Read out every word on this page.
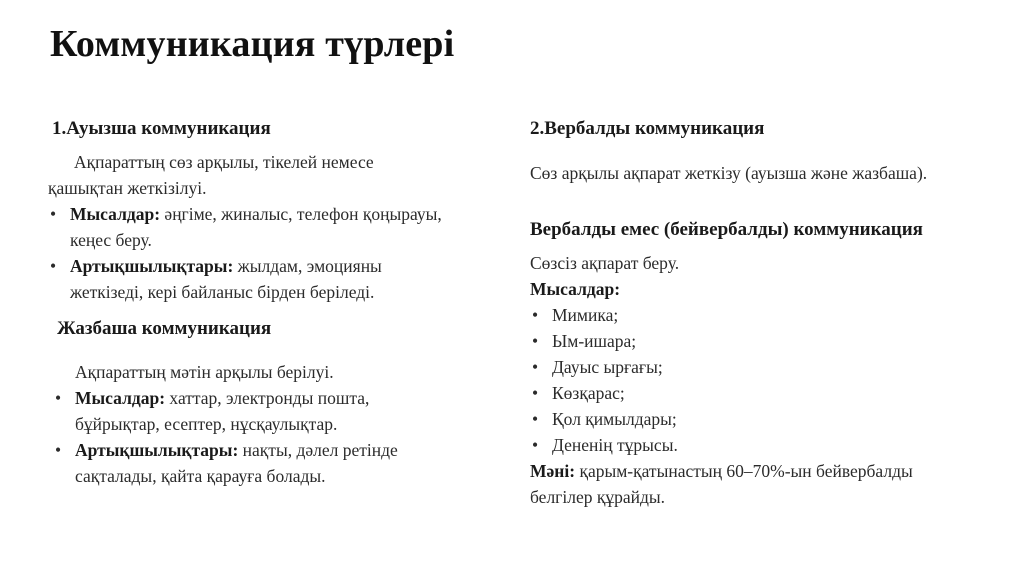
Коммуникация түрлері
1.Ауызша коммуникация
Ақпараттың сөз арқылы, тікелей немесе
қашықтан жеткізілуі.
• Мысалдар: әңгіме, жиналыс, телефон қоңырауы,
кеңес беру.
• Артықшылықтары: жылдам, эмоцияны
жеткізеді, кері байланыс бірден беріледі.
Жазбаша коммуникация
Ақпараттың мәтін арқылы берілуі.
• Мысалдар: хаттар, электронды пошта,
бұйрықтар, есептер, нұсқаулықтар.
• Артықшылықтары: нақты, дәлел ретінде
сақталады, қайта қарауға болады.
2.Вербалды коммуникация
Сөз арқылы ақпарат жеткізу (ауызша және жазбаша).
Вербалды емес (бейвербалды) коммуникация
Сөзсіз ақпарат беру.
Мысалдар:
• Мимика;
• Ым-ишара;
• Дауыс ырғағы;
• Көзқарас;
• Қол қимылдары;
• Дененің тұрысы.
Мәні: қарым-қатынастың 60–70%-ын бейвербалды
белгілер құрайды.
